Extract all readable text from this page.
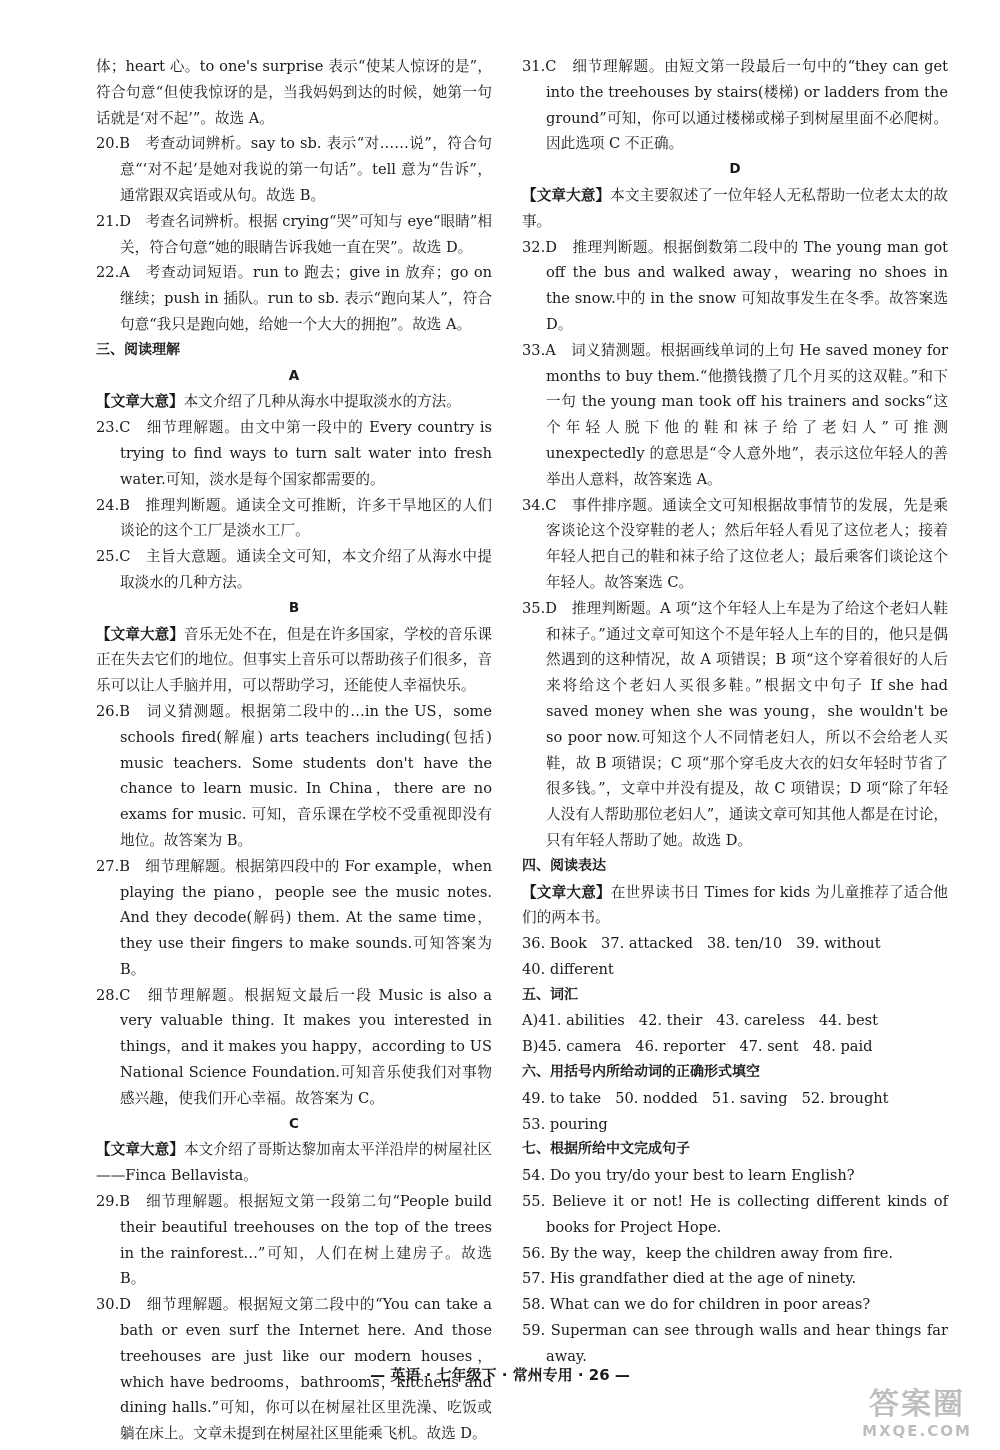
体；heart 心。to one's surprise 表示“使某人惊讶的是”，符合句意“但使我惊讶的是，当我妈妈到达的时候，她第一句话就是‘对不起’”。故选 A。

20.B　考查动词辨析。say to sb. 表示“对……说”，符合句意“‘对不起’是她对我说的第一句话”。tell 意为“告诉”，通常跟双宾语或从句。故选 B。

21.D　考查名词辨析。根据 crying“哭”可知与 eye“眼睛”相关，符合句意“她的眼睛告诉我她一直在哭”。故选 D。

22.A　考查动词短语。run to 跑去；give in 放弃；go on 继续；push in 插队。run to sb. 表示“跑向某人”，符合句意“我只是跑向她，给她一个大大的拥抱”。故选 A。

三、阅读理解

A

【文章大意】本文介绍了几种从海水中提取淡水的方法。

23.C　细节理解题。由文中第一段中的 Every country is trying to find ways to turn salt water into fresh water.可知，淡水是每个国家都需要的。

24.B　推理判断题。通读全文可推断，许多干旱地区的人们谈论的这个工厂是淡水工厂。

25.C　主旨大意题。通读全文可知，本文介绍了从海水中提取淡水的几种方法。

B

【文章大意】音乐无处不在，但是在许多国家，学校的音乐课正在失去它们的地位。但事实上音乐可以帮助孩子们很多，音乐可以让人手脑并用，可以帮助学习，还能使人幸福快乐。

26.B　词义猜测题。根据第二段中的…in the US，some schools fired(解雇) arts teachers including(包括) music teachers. Some students don't have the chance to learn music. In China，there are no exams for music. 可知，音乐课在学校不受重视即没有地位。故答案为 B。

27.B　细节理解题。根据第四段中的 For example，when playing the piano，people see the music notes. And they decode(解码) them. At the same time，they use their fingers to make sounds.可知答案为 B。

28.C　细节理解题。根据短文最后一段 Music is also a very valuable thing. It makes you interested in things，and it makes you happy，according to US National Science Foundation.可知音乐使我们对事物感兴趣，使我们开心幸福。故答案为 C。

C

【文章大意】本文介绍了哥斯达黎加南太平洋沿岸的树屋社区——Finca Bellavista。

29.B　细节理解题。根据短文第一段第二句“People build their beautiful treehouses on the top of the trees in the rainforest…”可知，人们在树上建房子。故选 B。

30.D　细节理解题。根据短文第二段中的“You can take a bath or even surf the Internet here. And those treehouses are just like our modern houses，which have bedrooms，bathrooms，kitchens and dining halls.”可知，你可以在树屋社区里洗澡、吃饭或躺在床上。文章未提到在树屋社区里能乘飞机。故选 D。

31.C　细节理解题。由短文第一段最后一句中的“they can get into the treehouses by stairs(楼梯) or ladders from the ground”可知，你可以通过楼梯或梯子到树屋里面不必爬树。因此选项 C 不正确。

D

【文章大意】本文主要叙述了一位年轻人无私帮助一位老太太的故事。

32.D　推理判断题。根据倒数第二段中的 The young man got off the bus and walked away，wearing no shoes in the snow.中的 in the snow 可知故事发生在冬季。故答案选 D。

33.A　词义猜测题。根据画线单词的上句 He saved money for months to buy them.“他攒钱攒了几个月买的这双鞋。”和下一句 the young man took off his trainers and socks“这个年轻人脱下他的鞋和袜子给了老妇人”可推测 unexpectedly 的意思是“令人意外地”，表示这位年轻人的善举出人意料，故答案选 A。

34.C　事件排序题。通读全文可知根据故事情节的发展，先是乘客谈论这个没穿鞋的老人；然后年轻人看见了这位老人；接着年轻人把自己的鞋和袜子给了这位老人；最后乘客们谈论这个年轻人。故答案选 C。

35.D　推理判断题。A 项“这个年轻人上车是为了给这个老妇人鞋和袜子。”通过文章可知这个不是年轻人上车的目的，他只是偶然遇到的这种情况，故 A 项错误；B 项“这个穿着很好的人后来将给这个老妇人买很多鞋。”根据文中句子 If she had saved money when she was young，she wouldn't be so poor now.可知这个人不同情老妇人，所以不会给老人买鞋，故 B 项错误；C 项“那个穿毛皮大衣的妇女年轻时节省了很多钱。”，文章中并没有提及，故 C 项错误；D 项“除了年轻人没有人帮助那位老妇人”，通读文章可知其他人都是在讨论，只有年轻人帮助了她。故选 D。

四、阅读表达

【文章大意】在世界读书日 Times for kids 为儿童推荐了适合他们的两本书。

36. Book 37. attacked 38. ten/10 39. without

40. different

五、词汇

A)41. abilities 42. their 43. careless 44. best

B)45. camera 46. reporter 47. sent 48. paid

六、用括号内所给动词的正确形式填空

49. to take 50. nodded 51. saving 52. brought

53. pouring

七、根据所给中文完成句子

54. Do you try/do your best to learn English?

55. Believe it or not! He is collecting different kinds of books for Project Hope.

56. By the way，keep the children away from fire.

57. His grandfather died at the age of ninety.

58. What can we do for children in poor areas?

59. Superman can see through walls and hear things far away.

— 英语 · 七年级下 · 常州专用 · 26 —
答案圈
MXQE.COM
